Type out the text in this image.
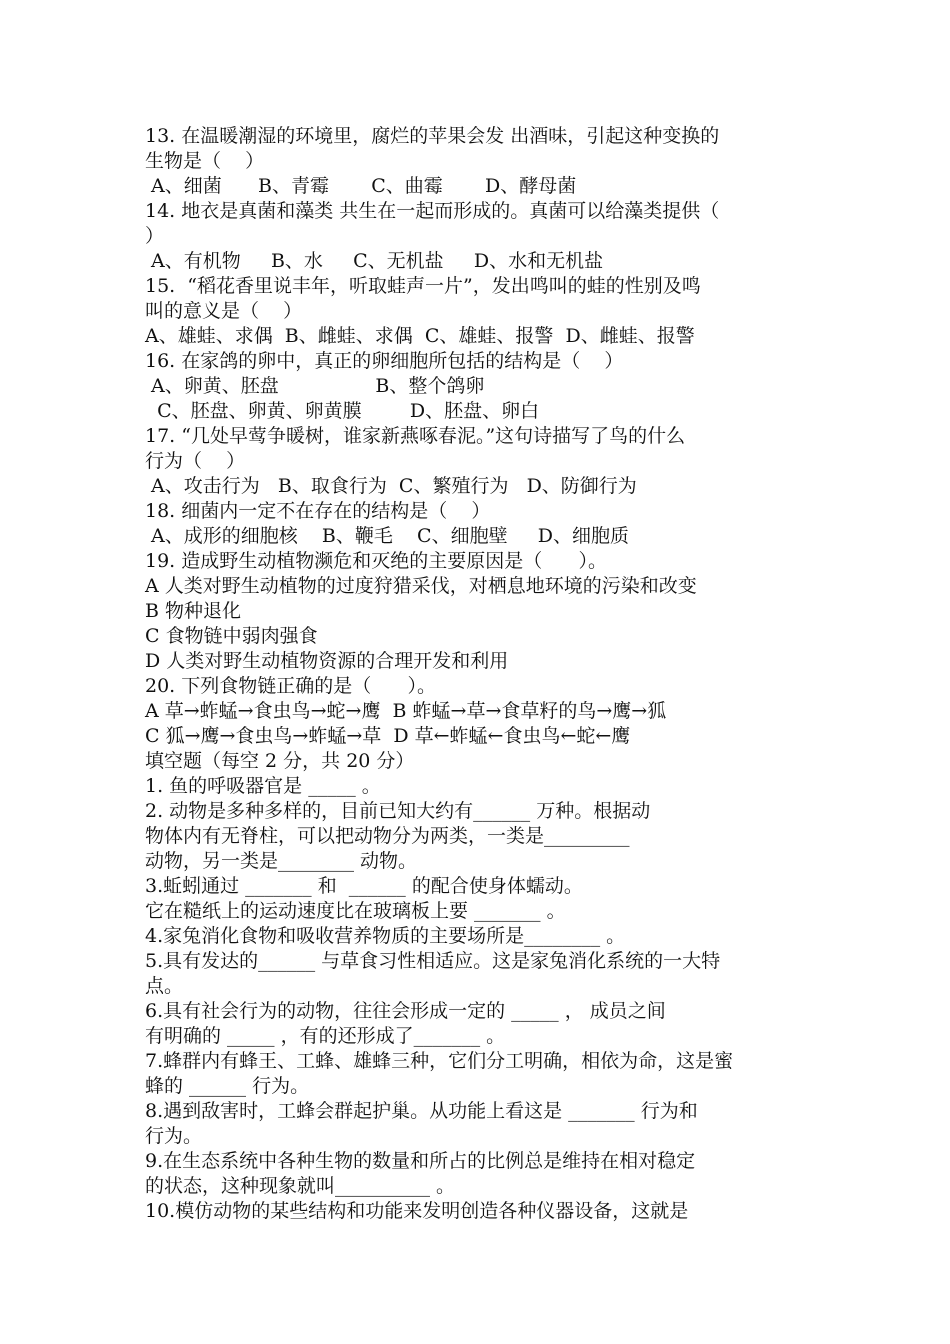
13. 在温暖潮湿的环境里，腐烂的苹果会发 出酒味，引起这种变换的

生物是（    ）

A、细菌      B、青霉       C、曲霉       D、酵母菌

14. 地衣是真菌和藻类 共生在一起而形成的。真菌可以给藻类提供（

）

A、有机物     B、水     C、无机盐     D、水和无机盐

15.  “稻花香里说丰年，听取蛙声一片”，发出鸣叫的蛙的性别及鸣

叫的意义是（    ）

A、雄蛙、求偶  B、雌蛙、求偶  C、雄蛙、报警  D、雌蛙、报警

16. 在家鸽的卵中，真正的卵细胞所包括的结构是（    ）

A、卵黄、胚盘                B、整个鸽卵

C、胚盘、卵黄、卵黄膜        D、胚盘、卵白

17. “几处早莺争暖树，谁家新燕啄春泥。”这句诗描写了鸟的什么

行为（    ）

A、攻击行为   B、取食行为  C、繁殖行为   D、防御行为

18. 细菌内一定不在存在的结构是（    ）

A、成形的细胞核    B、鞭毛    C、细胞壁     D、细胞质

19. 造成野生动植物濒危和灭绝的主要原因是（      ）。

A 人类对野生动植物的过度狩猎采伐，对栖息地环境的污染和改变

B 物种退化

C 食物链中弱肉强食

D 人类对野生动植物资源的合理开发和利用

20. 下列食物链正确的是（      ）。

A 草→蚱蜢→食虫鸟→蛇→鹰  B 蚱蜢→草→食草籽的鸟→鹰→狐

C 狐→鹰→食虫鸟→蚱蜢→草  D 草←蚱蜢←食虫鸟←蛇←鹰

填空题（每空 2 分，共 20 分）

1. 鱼的呼吸器官是 _____ 。

2. 动物是多种多样的，目前已知大约有______ 万种。根据动

物体内有无脊柱，可以把动物分为两类，一类是_________

动物，另一类是________ 动物。

3.蚯蚓通过 _______ 和  ______ 的配合使身体蠕动。

它在糙纸上的运动速度比在玻璃板上要 _______ 。

4.家兔消化食物和吸收营养物质的主要场所是________ 。

5.具有发达的______ 与草食习性相适应。这是家兔消化系统的一大特

点。

6.具有社会行为的动物，往往会形成一定的 _____ ， 成员之间

有明确的 _____ ，有的还形成了_______ 。

7.蜂群内有蜂王、工蜂、雄蜂三种，它们分工明确，相依为命，这是蜜

蜂的 ______ 行为。

8.遇到敌害时，工蜂会群起护巢。从功能上看这是 _______ 行为和

行为。

9.在生态系统中各种生物的数量和所占的比例总是维持在相对稳定

的状态，这种现象就叫__________ 。

10.模仿动物的某些结构和功能来发明创造各种仪器设备，这就是
